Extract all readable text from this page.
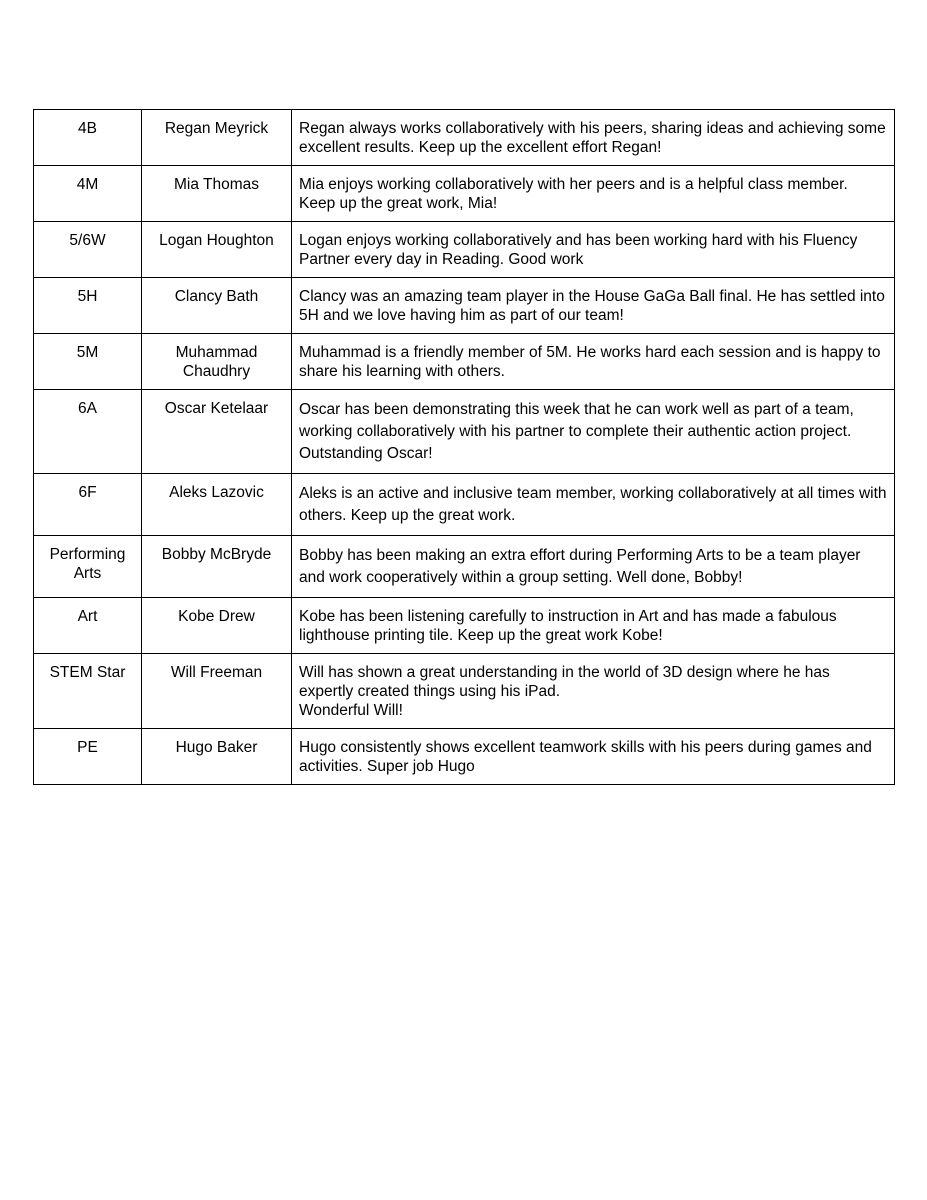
4B	Regan Meyrick	Regan always works collaboratively with his peers, sharing ideas and achieving some excellent results. Keep up the excellent effort Regan!
4M	Mia Thomas	Mia enjoys working collaboratively with her peers and is a helpful class member. Keep up the great work, Mia!
5/6W	Logan Houghton	Logan enjoys working collaboratively and has been working hard with his Fluency Partner every day in Reading. Good work
5H	Clancy Bath	Clancy was an amazing team player in the House GaGa Ball final. He has settled into 5H and we love having him as part of our team!
5M	Muhammad Chaudhry	Muhammad is a friendly member of 5M. He works hard each session and is happy to share his learning with others.
6A	Oscar Ketelaar	Oscar has been demonstrating this week that he can work well as part of a team, working collaboratively with his partner to complete their authentic action project. Outstanding Oscar!
6F	Aleks Lazovic	Aleks is an active and inclusive team member, working collaboratively at all times with others. Keep up the great work.
Performing Arts	Bobby McBryde	Bobby has been making an extra effort during Performing Arts to be a team player and work cooperatively within a group setting. Well done, Bobby!
Art	Kobe Drew	Kobe has been listening carefully to instruction in Art and has made a fabulous lighthouse printing tile. Keep up the great work Kobe!
STEM Star	Will Freeman	Will has shown a great understanding in the world of 3D design where he has expertly created things using his iPad.
Wonderful Will!
PE	Hugo Baker	Hugo consistently shows excellent teamwork skills with his peers during games and activities. Super job Hugo
